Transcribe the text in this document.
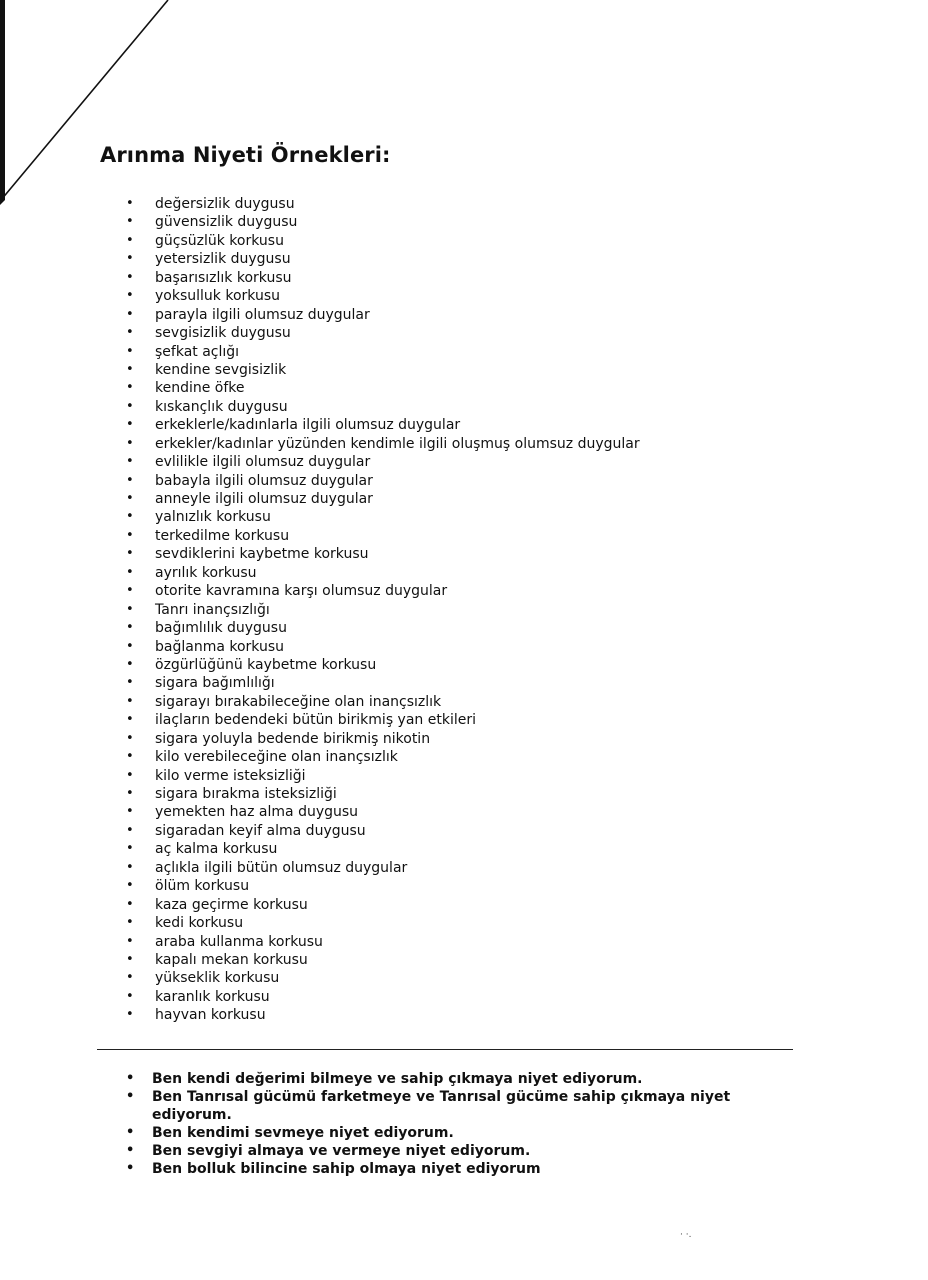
Arınma Niyeti Örnekleri:
• değersizlik duygusu
• güvensizlik duygusu
• güçsüzlük korkusu
• yetersizlik duygusu
• başarısızlık korkusu
• yoksulluk korkusu
• parayla ilgili olumsuz duygular
• sevgisizlik duygusu
• şefkat açlığı
• kendine sevgisizlik
• kendine öfke
• kıskançlık duygusu
• erkeklerle/kadınlarla ilgili olumsuz duygular
• erkekler/kadınlar yüzünden kendimle ilgili oluşmuş olumsuz duygular
• evlilikle ilgili olumsuz duygular
• babayla ilgili olumsuz duygular
• anneyle ilgili olumsuz duygular
• yalnızlık korkusu
• terkedilme korkusu
• sevdiklerini kaybetme korkusu
• ayrılık korkusu
• otorite kavramına karşı olumsuz duygular
• Tanrı inançsızlığı
• bağımlılık duygusu
• bağlanma korkusu
• özgürlüğünü kaybetme korkusu
• sigara bağımlılığı
• sigarayı bırakabileceğine olan inançsızlık
• ilaçların bedendeki bütün birikmiş yan etkileri
• sigara yoluyla bedende birikmiş nikotin
• kilo verebileceğine olan inançsızlık
• kilo verme isteksizliği
• sigara bırakma isteksizliği
• yemekten haz alma duygusu
• sigaradan keyif alma duygusu
• aç kalma korkusu
• açlıkla ilgili bütün olumsuz duygular
• ölüm korkusu
• kaza geçirme korkusu
• kedi korkusu
• araba kullanma korkusu
• kapalı mekan korkusu
• yükseklik korkusu
• karanlık korkusu
• hayvan korkusu
• Ben kendi değerimi bilmeye ve sahip çıkmaya niyet ediyorum.
• Ben Tanrısal gücümü farketmeye ve Tanrısal gücüme sahip çıkmaya niyet ediyorum.
• Ben kendimi sevmeye niyet ediyorum.
• Ben sevgiyi almaya ve vermeye niyet ediyorum.
• Ben bolluk bilincine sahip olmaya niyet ediyorum
· ·.
